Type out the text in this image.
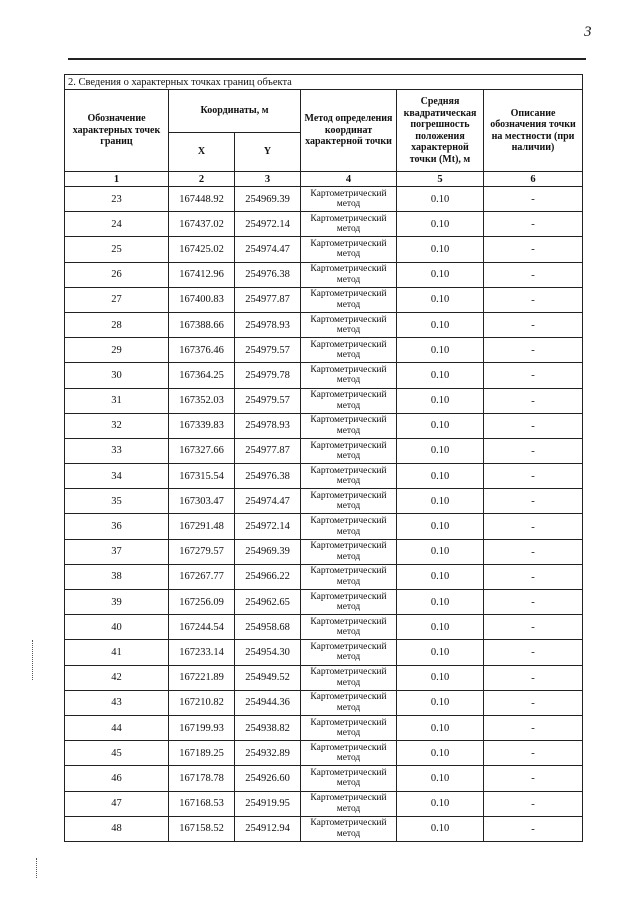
3
2. Сведения о характерных точках границ объекта					
Обозначение характерных точек границ	Координаты, м		Метод определения координат характерной точки	Средняя квадратическая погрешность положения характерной точки (Mt), м	Описание обозначения точки на местности (при наличии)
	X	Y			
1	2	3	4	5	6
23	167448.92	254969.39	Картометрический метод	0.10	-
24	167437.02	254972.14	Картометрический метод	0.10	-
25	167425.02	254974.47	Картометрический метод	0.10	-
26	167412.96	254976.38	Картометрический метод	0.10	-
27	167400.83	254977.87	Картометрический метод	0.10	-
28	167388.66	254978.93	Картометрический метод	0.10	-
29	167376.46	254979.57	Картометрический метод	0.10	-
30	167364.25	254979.78	Картометрический метод	0.10	-
31	167352.03	254979.57	Картометрический метод	0.10	-
32	167339.83	254978.93	Картометрический метод	0.10	-
33	167327.66	254977.87	Картометрический метод	0.10	-
34	167315.54	254976.38	Картометрический метод	0.10	-
35	167303.47	254974.47	Картометрический метод	0.10	-
36	167291.48	254972.14	Картометрический метод	0.10	-
37	167279.57	254969.39	Картометрический метод	0.10	-
38	167267.77	254966.22	Картометрический метод	0.10	-
39	167256.09	254962.65	Картометрический метод	0.10	-
40	167244.54	254958.68	Картометрический метод	0.10	-
41	167233.14	254954.30	Картометрический метод	0.10	-
42	167221.89	254949.52	Картометрический метод	0.10	-
43	167210.82	254944.36	Картометрический метод	0.10	-
44	167199.93	254938.82	Картометрический метод	0.10	-
45	167189.25	254932.89	Картометрический метод	0.10	-
46	167178.78	254926.60	Картометрический метод	0.10	-
47	167168.53	254919.95	Картометрический метод	0.10	-
48	167158.52	254912.94	Картометрический метод	0.10	-
